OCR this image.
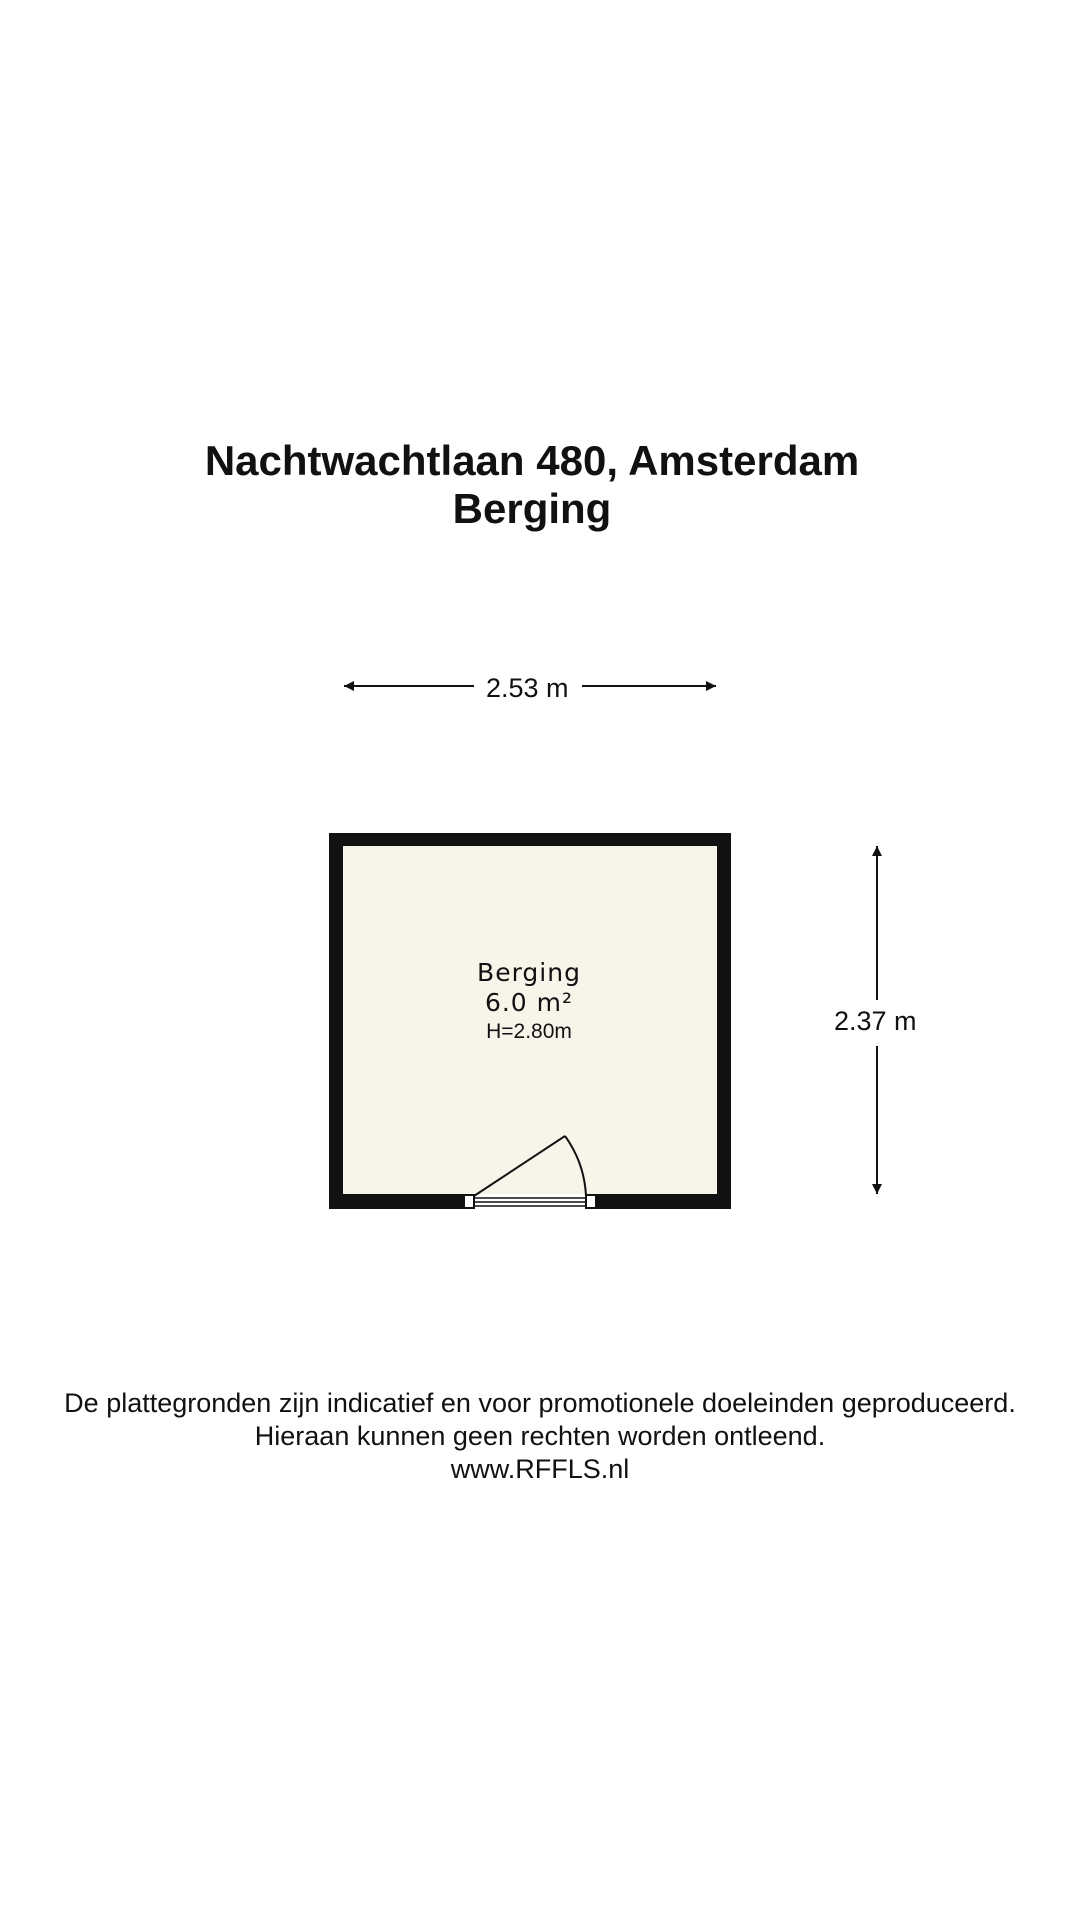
Nachtwachtlaan 480, Amsterdam
Berging
2.53 m
2.37 m
Berging
6.0 m²
H=2.80m
De plattegronden zijn indicatief en voor promotionele doeleinden geproduceerd.
Hieraan kunnen geen rechten worden ontleend.
www.RFFLS.nl
